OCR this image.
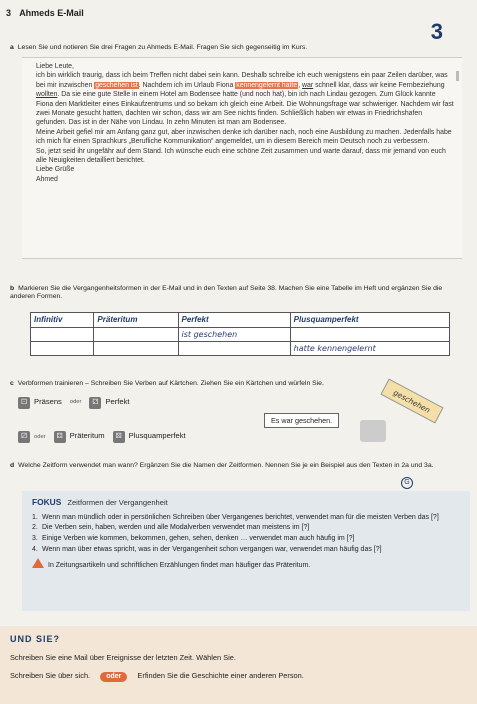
3 Ahmeds E-Mail
3
a Lesen Sie und notieren Sie drei Fragen zu Ahmeds E-Mail. Fragen Sie sich gegenseitig im Kurs.

Liebe Leute,

ich bin wirklich traurig, dass ich beim Treffen nicht dabei sein kann. Deshalb schreibe ich euch wenigstens ein paar Zeilen darüber, was bei mir inzwischen geschehen ist. Nachdem ich im Urlaub Fiona kennengelernt hatte, war schnell klar, dass wir keine Fernbeziehung wollten. Da sie eine gute Stelle in einem Hotel am Bodensee hatte (und noch hat), bin ich nach Lindau gezogen. Zum Glück kannte Fiona den Marktleiter eines Einkaufzentrums und so bekam ich gleich eine Arbeit. Die Wohnungsfrage war schwieriger. Nachdem wir fast zwei Monate gesucht hatten, dachten wir schon, dass wir am See nichts finden. Schließlich haben wir etwas in Friedrichshafen gefunden. Das ist in der Nähe von Lindau. In zehn Minuten ist man am Bodensee.

Meine Arbeit gefiel mir am Anfang ganz gut, aber inzwischen denke ich darüber nach, noch eine Ausbildung zu machen. Jedenfalls habe ich mich für einen Sprachkurs „Berufliche Kommunikation“ angemeldet, um in diesem Bereich mein Deutsch noch zu verbessern.

So, jetzt seid ihr ungefähr auf dem Stand. Ich wünsche euch eine schöne Zeit zusammen und warte darauf, dass mir jemand von euch alle Neuigkeiten detailliert berichtet.

Liebe Grüße

Ahmed

b Markieren Sie die Vergangenheitsformen in der E-Mail und in den Texten auf Seite 38. Machen Sie eine Tabelle im Heft und ergänzen Sie die anderen Formen.
Infinitiv	Präteritum	Perfekt	Plusquamperfekt
		ist geschehen	
			hatte kennengelernt
c Verbformen trainieren – Schreiben Sie Verben auf Kärtchen. Ziehen Sie ein Kärtchen und würfeln Sie.
⚀ Präsens oder	⚁ Perfekt
⚂ oder	⚃ Präteritum	⚄ Plusquamperfekt
Es war geschehen.
geschehen
d Welche Zeitform verwendet man wann? Ergänzen Sie die Namen der Zeitformen. Nennen Sie je ein Beispiel aus den Texten in 2a und 3a.
G
FOKUS Zeitformen der Vergangenheit
1. Wenn man mündlich oder in persönlichen Schreiben über Vergangenes berichtet, verwendet man für die meisten Verben das [?]
2. Die Verben sein, haben, werden und alle Modalverben verwendet man meistens im [?]
3. Einige Verben wie kommen, bekommen, gehen, sehen, denken … verwendet man auch häufig im [?]
4. Wenn man über etwas spricht, was in der Vergangenheit schon vergangen war, verwendet man häufig das [?]
In Zeitungsartikeln und schriftlichen Erzählungen findet man häufiger das Präteritum.
UND SIE?
Schreiben Sie eine Mail über Ereignisse der letzten Zeit. Wählen Sie.
Schreiben Sie über sich. oder Erfinden Sie die Geschichte einer anderen Person.
